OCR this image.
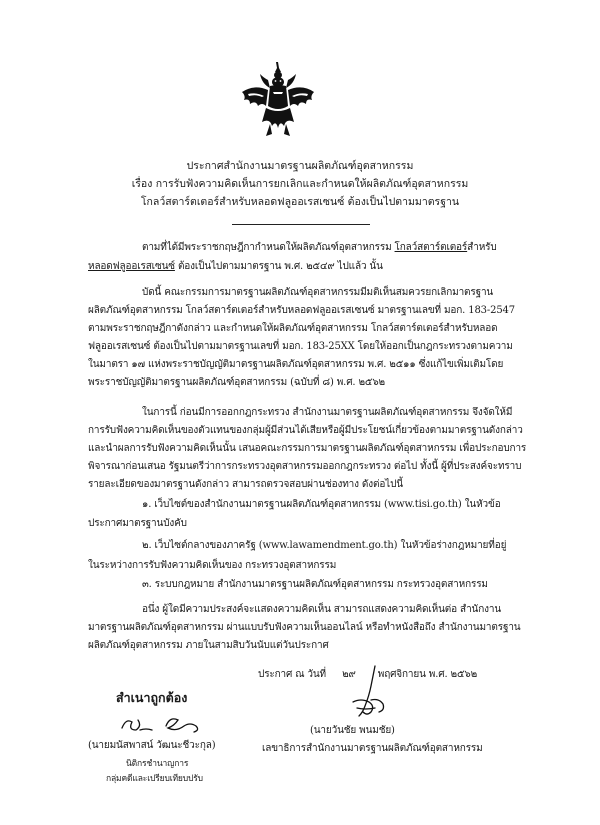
ประกาศสำนักงานมาตรฐานผลิตภัณฑ์อุตสาหกรรม
เรื่อง การรับฟังความคิดเห็นการยกเลิกและกำหนดให้ผลิตภัณฑ์อุตสาหกรรม
โกลว์สตาร์ตเตอร์สำหรับหลอดฟลูออเรสเซนซ์ ต้องเป็นไปตามมาตรฐาน
ตามที่ได้มีพระราชกฤษฎีกากำหนดให้ผลิตภัณฑ์อุตสาหกรรม โกลว์สตาร์ตเตอร์สำหรับ
หลอดฟลูออเรสเซนซ์ ต้องเป็นไปตามมาตรฐาน พ.ศ. ๒๕๔๙ ไปแล้ว นั้น
บัดนี้ คณะกรรมการมาตรฐานผลิตภัณฑ์อุตสาหกรรมมีมติเห็นสมควรยกเลิกมาตรฐาน
ผลิตภัณฑ์อุตสาหกรรม โกลว์สตาร์ตเตอร์สำหรับหลอดฟลูออเรสเซนซ์ มาตรฐานเลขที่ มอก. 183-2547
ตามพระราชกฤษฎีกาดังกล่าว และกำหนดให้ผลิตภัณฑ์อุตสาหกรรม โกลว์สตาร์ตเตอร์สำหรับหลอด
ฟลูออเรสเซนซ์ ต้องเป็นไปตามมาตรฐานเลขที่ มอก. 183-25XX โดยให้ออกเป็นกฎกระทรวงตามความ
ในมาตรา ๑๗ แห่งพระราชบัญญัติมาตรฐานผลิตภัณฑ์อุตสาหกรรม พ.ศ. ๒๕๑๑ ซึ่งแก้ไขเพิ่มเติมโดย
พระราชบัญญัติมาตรฐานผลิตภัณฑ์อุตสาหกรรม (ฉบับที่ ๘) พ.ศ. ๒๕๖๒
ในการนี้ ก่อนมีการออกกฎกระทรวง สำนักงานมาตรฐานผลิตภัณฑ์อุตสาหกรรม จึงจัดให้มี
การรับฟังความคิดเห็นของตัวแทนของกลุ่มผู้มีส่วนได้เสียหรือผู้มีประโยชน์เกี่ยวข้องตามมาตรฐานดังกล่าว
และนำผลการรับฟังความคิดเห็นนั้น เสนอคณะกรรมการมาตรฐานผลิตภัณฑ์อุตสาหกรรม เพื่อประกอบการ
พิจารณาก่อนเสนอ รัฐมนตรีว่าการกระทรวงอุตสาหกรรมออกกฎกระทรวง ต่อไป ทั้งนี้ ผู้ที่ประสงค์จะทราบ
รายละเอียดของมาตรฐานดังกล่าว สามารถตรวจสอบผ่านช่องทาง ดังต่อไปนี้
๑. เว็บไซต์ของสำนักงานมาตรฐานผลิตภัณฑ์อุตสาหกรรม (www.tisi.go.th) ในหัวข้อ
ประกาศมาตรฐานบังคับ
๒. เว็บไซต์กลางของภาครัฐ (www.lawamendment.go.th) ในหัวข้อร่างกฎหมายที่อยู่
ในระหว่างการรับฟังความคิดเห็นของ กระทรวงอุตสาหกรรม
๓. ระบบกฎหมาย สำนักงานมาตรฐานผลิตภัณฑ์อุตสาหกรรม กระทรวงอุตสาหกรรม
อนึ่ง ผู้ใดมีความประสงค์จะแสดงความคิดเห็น สามารถแสดงความคิดเห็นต่อ สำนักงาน
มาตรฐานผลิตภัณฑ์อุตสาหกรรม ผ่านแบบรับฟังความเห็นออนไลน์ หรือทำหนังสือถึง สำนักงานมาตรฐาน
ผลิตภัณฑ์อุตสาหกรรม ภายในสามสิบวันนับแต่วันประกาศ
ประกาศ ณ วันที่ ๒๙ พฤศจิกายน พ.ศ. ๒๕๖๒
สำเนาถูกต้อง
(นายมนัสพาสน์ วัฒนะชีวะกุล)
นิติกรชำนาญการ
กลุ่มคดีและเปรียบเทียบปรับ
(นายวันชัย พนมชัย)
เลขาธิการสำนักงานมาตรฐานผลิตภัณฑ์อุตสาหกรรม
